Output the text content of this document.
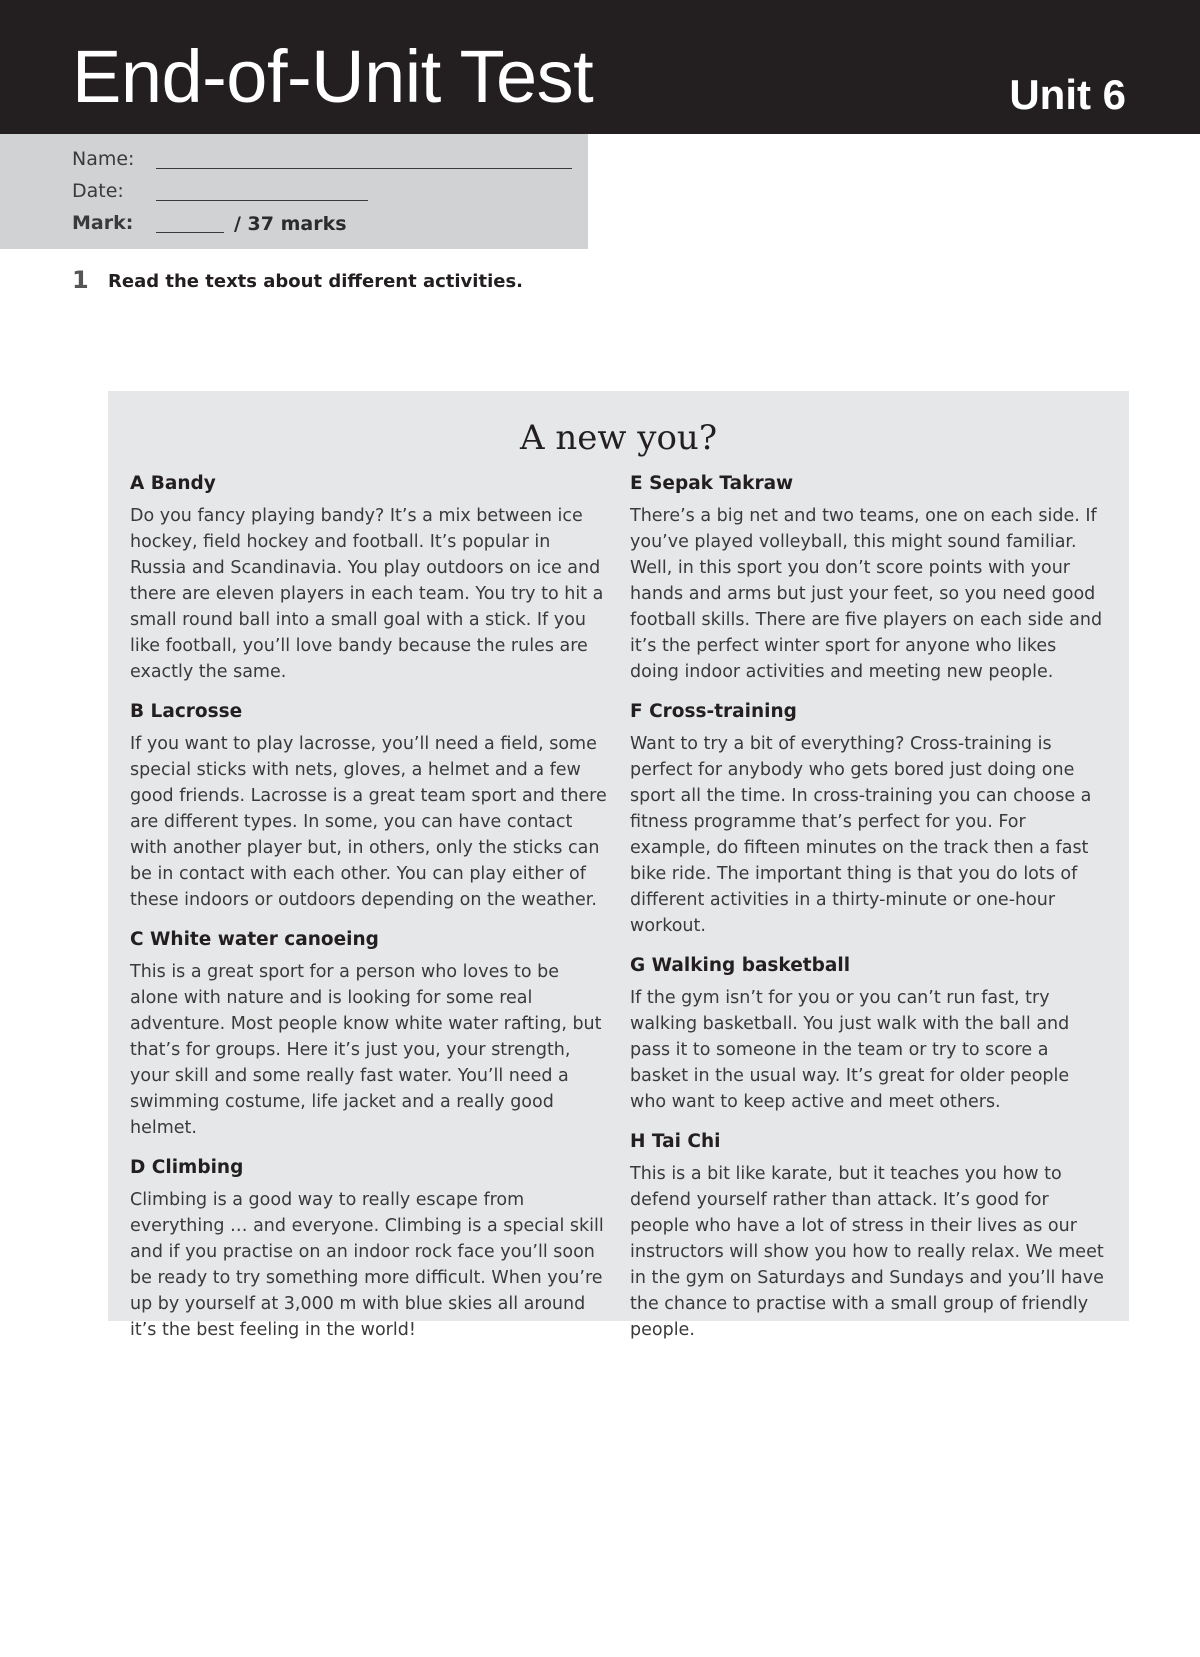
End-of-Unit Test	Unit 6
Name:
Date:
Mark:	/ 37 marks
1 Read the texts about different activities.
A new you?
A Bandy

Do you fancy playing bandy? It’s a mix between ice hockey, field hockey and football. It’s popular in Russia and Scandinavia. You play outdoors on ice and there are eleven players in each team. You try to hit a small round ball into a small goal with a stick. If you like football, you’ll love bandy because the rules are exactly the same.

B Lacrosse

If you want to play lacrosse, you’ll need a field, some special sticks with nets, gloves, a helmet and a few good friends. Lacrosse is a great team sport and there are different types. In some, you can have contact with another player but, in others, only the sticks can be in contact with each other. You can play either of these indoors or outdoors depending on the weather.

C White water canoeing

This is a great sport for a person who loves to be alone with nature and is looking for some real adventure. Most people know white water rafting, but that’s for groups. Here it’s just you, your strength, your skill and some really fast water. You’ll need a swimming costume, life jacket and a really good helmet.

D Climbing

Climbing is a good way to really escape from everything … and everyone. Climbing is a special skill and if you practise on an indoor rock face you’ll soon be ready to try something more difficult. When you’re up by yourself at 3,000 m with blue skies all around it’s the best feeling in the world!

E Sepak Takraw

There’s a big net and two teams, one on each side. If you’ve played volleyball, this might sound familiar. Well, in this sport you don’t score points with your hands and arms but just your feet, so you need good football skills. There are five players on each side and it’s the perfect winter sport for anyone who likes doing indoor activities and meeting new people.

F Cross-training

Want to try a bit of everything? Cross-training is perfect for anybody who gets bored just doing one sport all the time. In cross-training you can choose a fitness programme that’s perfect for you. For example, do fifteen minutes on the track then a fast bike ride. The important thing is that you do lots of different activities in a thirty-minute or one-hour workout.

G Walking basketball

If the gym isn’t for you or you can’t run fast, try walking basketball. You just walk with the ball and pass it to someone in the team or try to score a basket in the usual way. It’s great for older people who want to keep active and meet others.

H Tai Chi

This is a bit like karate, but it teaches you how to defend yourself rather than attack. It’s good for people who have a lot of stress in their lives as our instructors will show you how to really relax. We meet in the gym on Saturdays and Sundays and you’ll have the chance to practise with a small group of friendly people.
